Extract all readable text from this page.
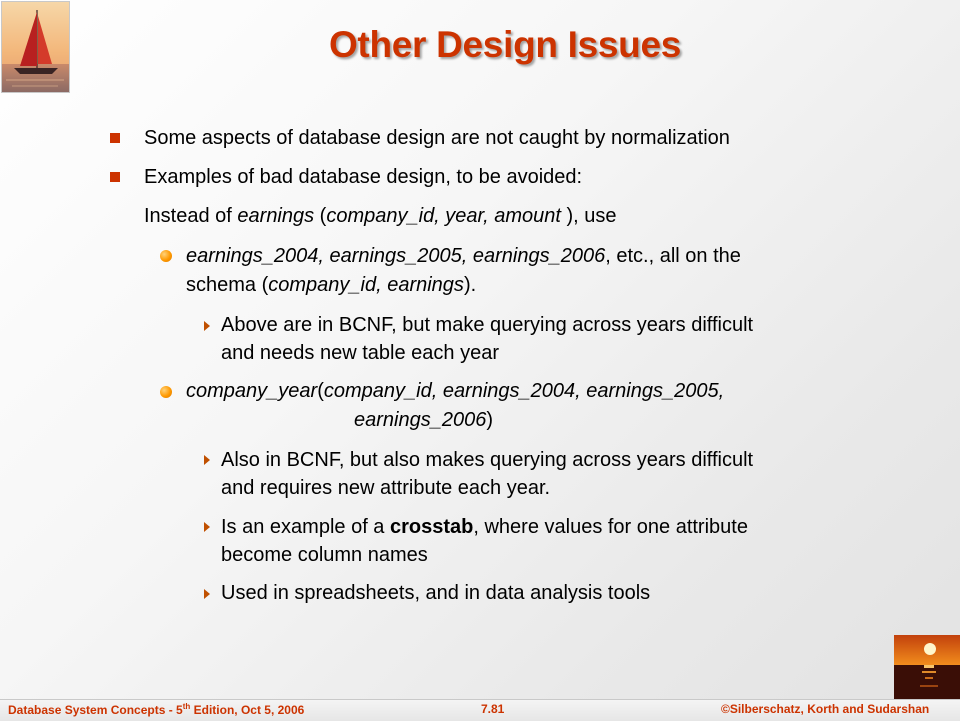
Other Design Issues
Some aspects of database design are not caught by normalization
Examples of bad database design, to be avoided:
Instead of earnings (company_id, year, amount ), use
earnings_2004, earnings_2005, earnings_2006, etc., all on the
schema (company_id, earnings).
Above are in BCNF, but make querying across years difficult
and needs new table each year
company_year(company_id, earnings_2004, earnings_2005,
earnings_2006)
Also in BCNF, but also makes querying across years difficult
and requires new attribute each year.
Is an example of a crosstab, where values for one attribute
become column names
Used in spreadsheets, and in data analysis tools
Database System Concepts - 5th Edition, Oct 5, 2006	7.81	©Silberschatz, Korth and Sudarshan
